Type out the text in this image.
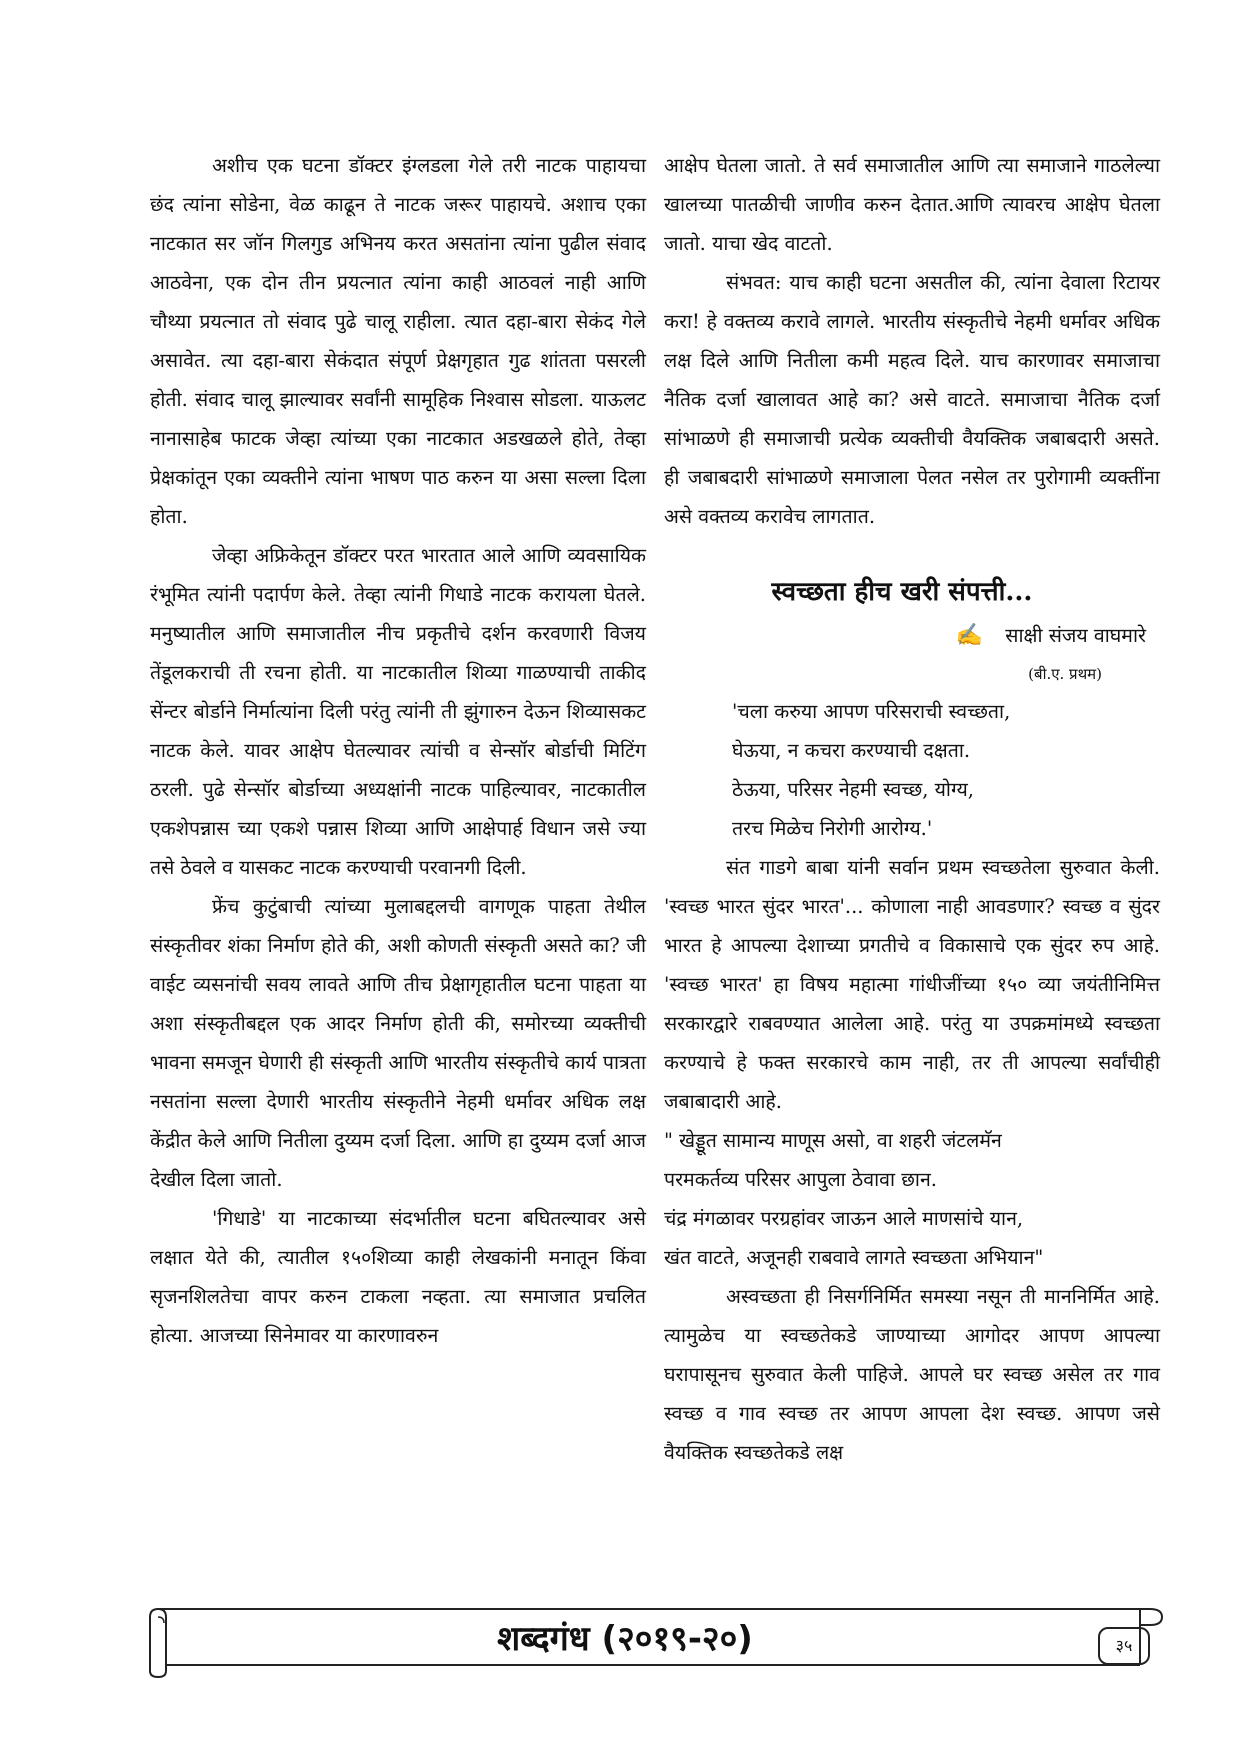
अशीच एक घटना डॉक्टर इंग्लडला गेले तरी नाटक पाहायचा छंद त्यांना सोडेना, वेळ काढून ते नाटक जरूर पाहायचे. अशाच एका नाटकात सर जॉन गिलगुड अभिनय करत असतांना त्यांना पुढील संवाद आठवेना, एक दोन तीन प्रयत्नात त्यांना काही आठवलं नाही आणि चौथ्या प्रयत्नात तो संवाद पुढे चालू राहीला. त्यात दहा-बारा सेकंद गेले असावेत. त्या दहा-बारा सेकंदात संपूर्ण प्रेक्षगृहात गुढ शांतता पसरली होती. संवाद चालू झाल्यावर सर्वांनी सामूहिक निश्वास सोडला. याऊलट नानासाहेब फाटक जेव्हा त्यांच्या एका नाटकात अडखळले होते, तेव्हा प्रेक्षकांतून एका व्यक्तीने त्यांना भाषण पाठ करुन या असा सल्ला दिला होता.

जेव्हा अफ्रिकेतून डॉक्टर परत भारतात आले आणि व्यवसायिक रंभूमित त्यांनी पदार्पण केले. तेव्हा त्यांनी गिधाडे नाटक करायला घेतले. मनुष्यातील आणि समाजातील नीच प्रकृतीचे दर्शन करवणारी विजय तेंडूलकराची ती रचना होती. या नाटकातील शिव्या गाळण्याची ताकीद सेंन्टर बोर्डाने निर्मात्यांना दिली परंतु त्यांनी ती झुंगारुन देऊन शिव्यासकट नाटक केले. यावर आक्षेप घेतल्यावर त्यांची व सेन्सॉर बोर्डाची मिटिंग ठरली. पुढे सेन्सॉर बोर्डाच्या अध्यक्षांनी नाटक पाहिल्यावर, नाटकातील एकशेपन्नास च्या एकशे पन्नास शिव्या आणि आक्षेपार्ह विधान जसे ज्या तसे ठेवले व यासकट नाटक करण्याची परवानगी दिली.

फ्रेंच कुटुंबाची त्यांच्या मुलाबद्दलची वागणूक पाहता तेथील संस्कृतीवर शंका निर्माण होते की, अशी कोणती संस्कृती असते का? जी वाईट व्यसनांची सवय लावते आणि तीच प्रेक्षागृहातील घटना पाहता या अशा संस्कृतीबद्दल एक आदर निर्माण होती की, समोरच्या व्यक्तीची भावना समजून घेणारी ही संस्कृती आणि भारतीय संस्कृतीचे कार्य पात्रता नसतांना सल्ला देणारी भारतीय संस्कृतीने नेहमी धर्मावर अधिक लक्ष केंद्रीत केले आणि नितीला दुय्यम दर्जा दिला. आणि हा दुय्यम दर्जा आज देखील दिला जातो.

'गिधाडे' या नाटकाच्या संदर्भातील घटना बघितल्यावर असे लक्षात येते की, त्यातील १५०शिव्या काही लेखकांनी मनातून किंवा सृजनशिलतेचा वापर करुन टाकला नव्हता. त्या समाजात प्रचलित होत्या. आजच्या सिनेमावर या कारणावरुन

आक्षेप घेतला जातो. ते सर्व समाजातील आणि त्या समाजाने गाठलेल्या खालच्या पातळीची जाणीव करुन देतात.आणि त्यावरच आक्षेप घेतला जातो. याचा खेद वाटतो.

संभवत: याच काही घटना असतील की, त्यांना देवाला रिटायर करा! हे वक्तव्य करावे लागले. भारतीय संस्कृतीचे नेहमी धर्मावर अधिक लक्ष दिले आणि नितीला कमी महत्व दिले. याच कारणावर समाजाचा नैतिक दर्जा खालावत आहे का? असे वाटते. समाजाचा नैतिक दर्जा सांभाळणे ही समाजाची प्रत्येक व्यक्तीची वैयक्तिक जबाबदारी असते. ही जबाबदारी सांभाळणे समाजाला पेलत नसेल तर पुरोगामी व्यक्तींना असे वक्तव्य करावेच लागतात.

स्वच्छता हीच खरी संपत्ती...
✍ साक्षी संजय वाघमारे
(बी.ए. प्रथम)
'चला करुया आपण परिसराची स्वच्छता,
घेऊया, न कचरा करण्याची दक्षता.
ठेऊया, परिसर नेहमी स्वच्छ, योग्य,
तरच मिळेच निरोगी आरोग्य.'

संत गाडगे बाबा यांनी सर्वान प्रथम स्वच्छतेला सुरुवात केली. 'स्वच्छ भारत सुंदर भारत'... कोणाला नाही आवडणार? स्वच्छ व सुंदर भारत हे आपल्या देशाच्या प्रगतीचे व विकासाचे एक सुंदर रुप आहे. 'स्वच्छ भारत' हा विषय महात्मा गांधीजींच्या १५० व्या जयंतीनिमित्त सरकारद्वारे राबवण्यात आलेला आहे. परंतु या उपक्रमांमध्ये स्वच्छता करण्याचे हे फक्त सरकारचे काम नाही, तर ती आपल्या सर्वांचीही जबाबादारी आहे.

" खेड्डूत सामान्य माणूस असो, वा शहरी जंटलमॅन
परमकर्तव्य परिसर आपुला ठेवावा छान.
चंद्र मंगळावर परग्रहांवर जाऊन आले माणसांचे यान,
खंत वाटते, अजूनही राबवावे लागते स्वच्छता अभियान"

अस्वच्छता ही निसर्गनिर्मित समस्या नसून ती माननिर्मित आहे. त्यामुळेच या स्वच्छतेकडे जाण्याच्या आगोदर आपण आपल्या घरापासूनच सुरुवात केली पाहिजे. आपले घर स्वच्छ असेल तर गाव स्वच्छ व गाव स्वच्छ तर आपण आपला देश स्वच्छ. आपण जसे वैयक्तिक स्वच्छतेकडे लक्ष

शब्दगंध (२०१९-२०)	३५
